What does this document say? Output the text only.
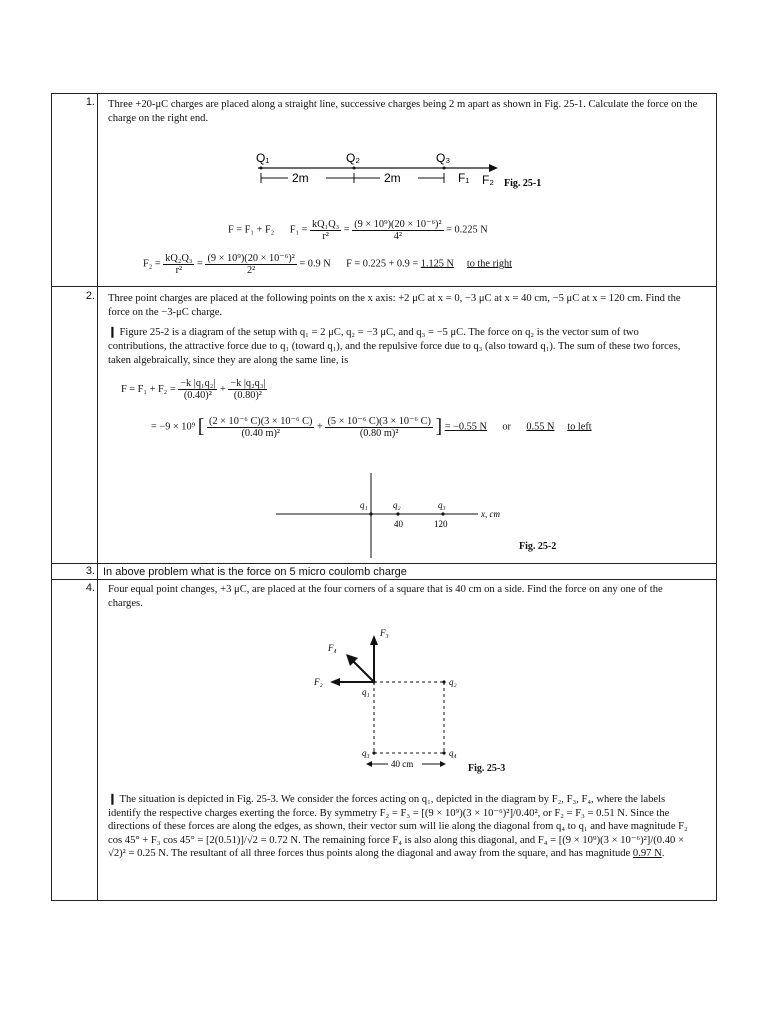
1. Three +20-μC charges are placed along a straight line, successive charges being 2 m apart as shown in Fig. 25-1. Calculate the force on the charge on the right end.
Q₁	Q₂	Q₃
2m	2m	F₁ F₂ Fig. 25-1
F = F₁ + F₂ $F_1 = \frac{\text{kQ₁Q₃}}{\text{r²}} = \frac{\text{(9 × 10⁹)(20 × 10⁻⁶)²}}{\text{4²}} = 0.225$ N
$F_2 = \frac{\text{kQ₂Q₃}}{\text{r²}} = \frac{\text{(9 × 10⁹)(20 × 10⁻⁶)²}}{\text{2²}} = 0.9$ N F = 0.225 + 0.9 = 1.125 N to the right
2. Three point charges are placed at the following points on the x axis: +2 μC at x = 0, −3 μC at x = 40 cm, −5 μC at x = 120 cm. Find the force on the −3-μC charge.
❙ Figure 25-2 is a diagram of the setup with q₁ = 2 μC, q₂ = −3 μC, and q₃ = −5 μC. The force on q₂ is the vector sum of two contributions, the attractive force due to q₁ (toward q₁), and the repulsive force due to q₃ (also toward q₁). The sum of these two forces, taken algebraically, since they are along the same line, is
$F = F_1 + F_2 = \frac{\text{−k |q₁q₂|}}{\text{(0.40)²}} + \frac{\text{−k |q₂q₃|}}{\text{(0.80)²}}$
= −9 × 10⁹ [ $\frac{\text{(2 × 10⁻⁶ C)(3 × 10⁻⁶ C)}}{\text{(0.40 m)²}} + \frac{\text{(5 × 10⁻⁶ C)(3 × 10⁻⁶ C)}}{\text{(0.80 m)²}}$ ] = −0.55 N or 0.55 N to left
q₁	q₂	q₃
40	120
x, cm
Fig. 25-2
3. In above problem what is the force on 5 micro coulomb charge
4. Four equal point changes, +3 μC, are placed at the four corners of a square that is 40 cm on a side. Find the force on any one of the charges.
F₃
F₄
F₂
q₁
q₂
q₃	q₄
40 cm	Fig. 25-3
❙ The situation is depicted in Fig. 25-3. We consider the forces acting on q₁, depicted in the diagram by F₂, F₃, F₄, where the labels identify the respective charges exerting the force. By symmetry F₂ = F₃ = [(9 × 10⁹)(3 × 10⁻⁶)²]/0.40², or F₂ = F₃ = 0.51 N. Since the directions of these forces are along the edges, as shown, their vector sum will lie along the diagonal from q₄ to q₁ and have magnitude F₂ cos 45° + F₃ cos 45° = [2(0.51)]/√2 = 0.72 N. The remaining force F₄ is also along this diagonal, and F₄ = [(9 × 10⁹)(3 × 10⁻⁶)²]/(0.40 × √2)² = 0.25 N. The resultant of all three forces thus points along the diagonal and away from the square, and has magnitude 0.97 N.
